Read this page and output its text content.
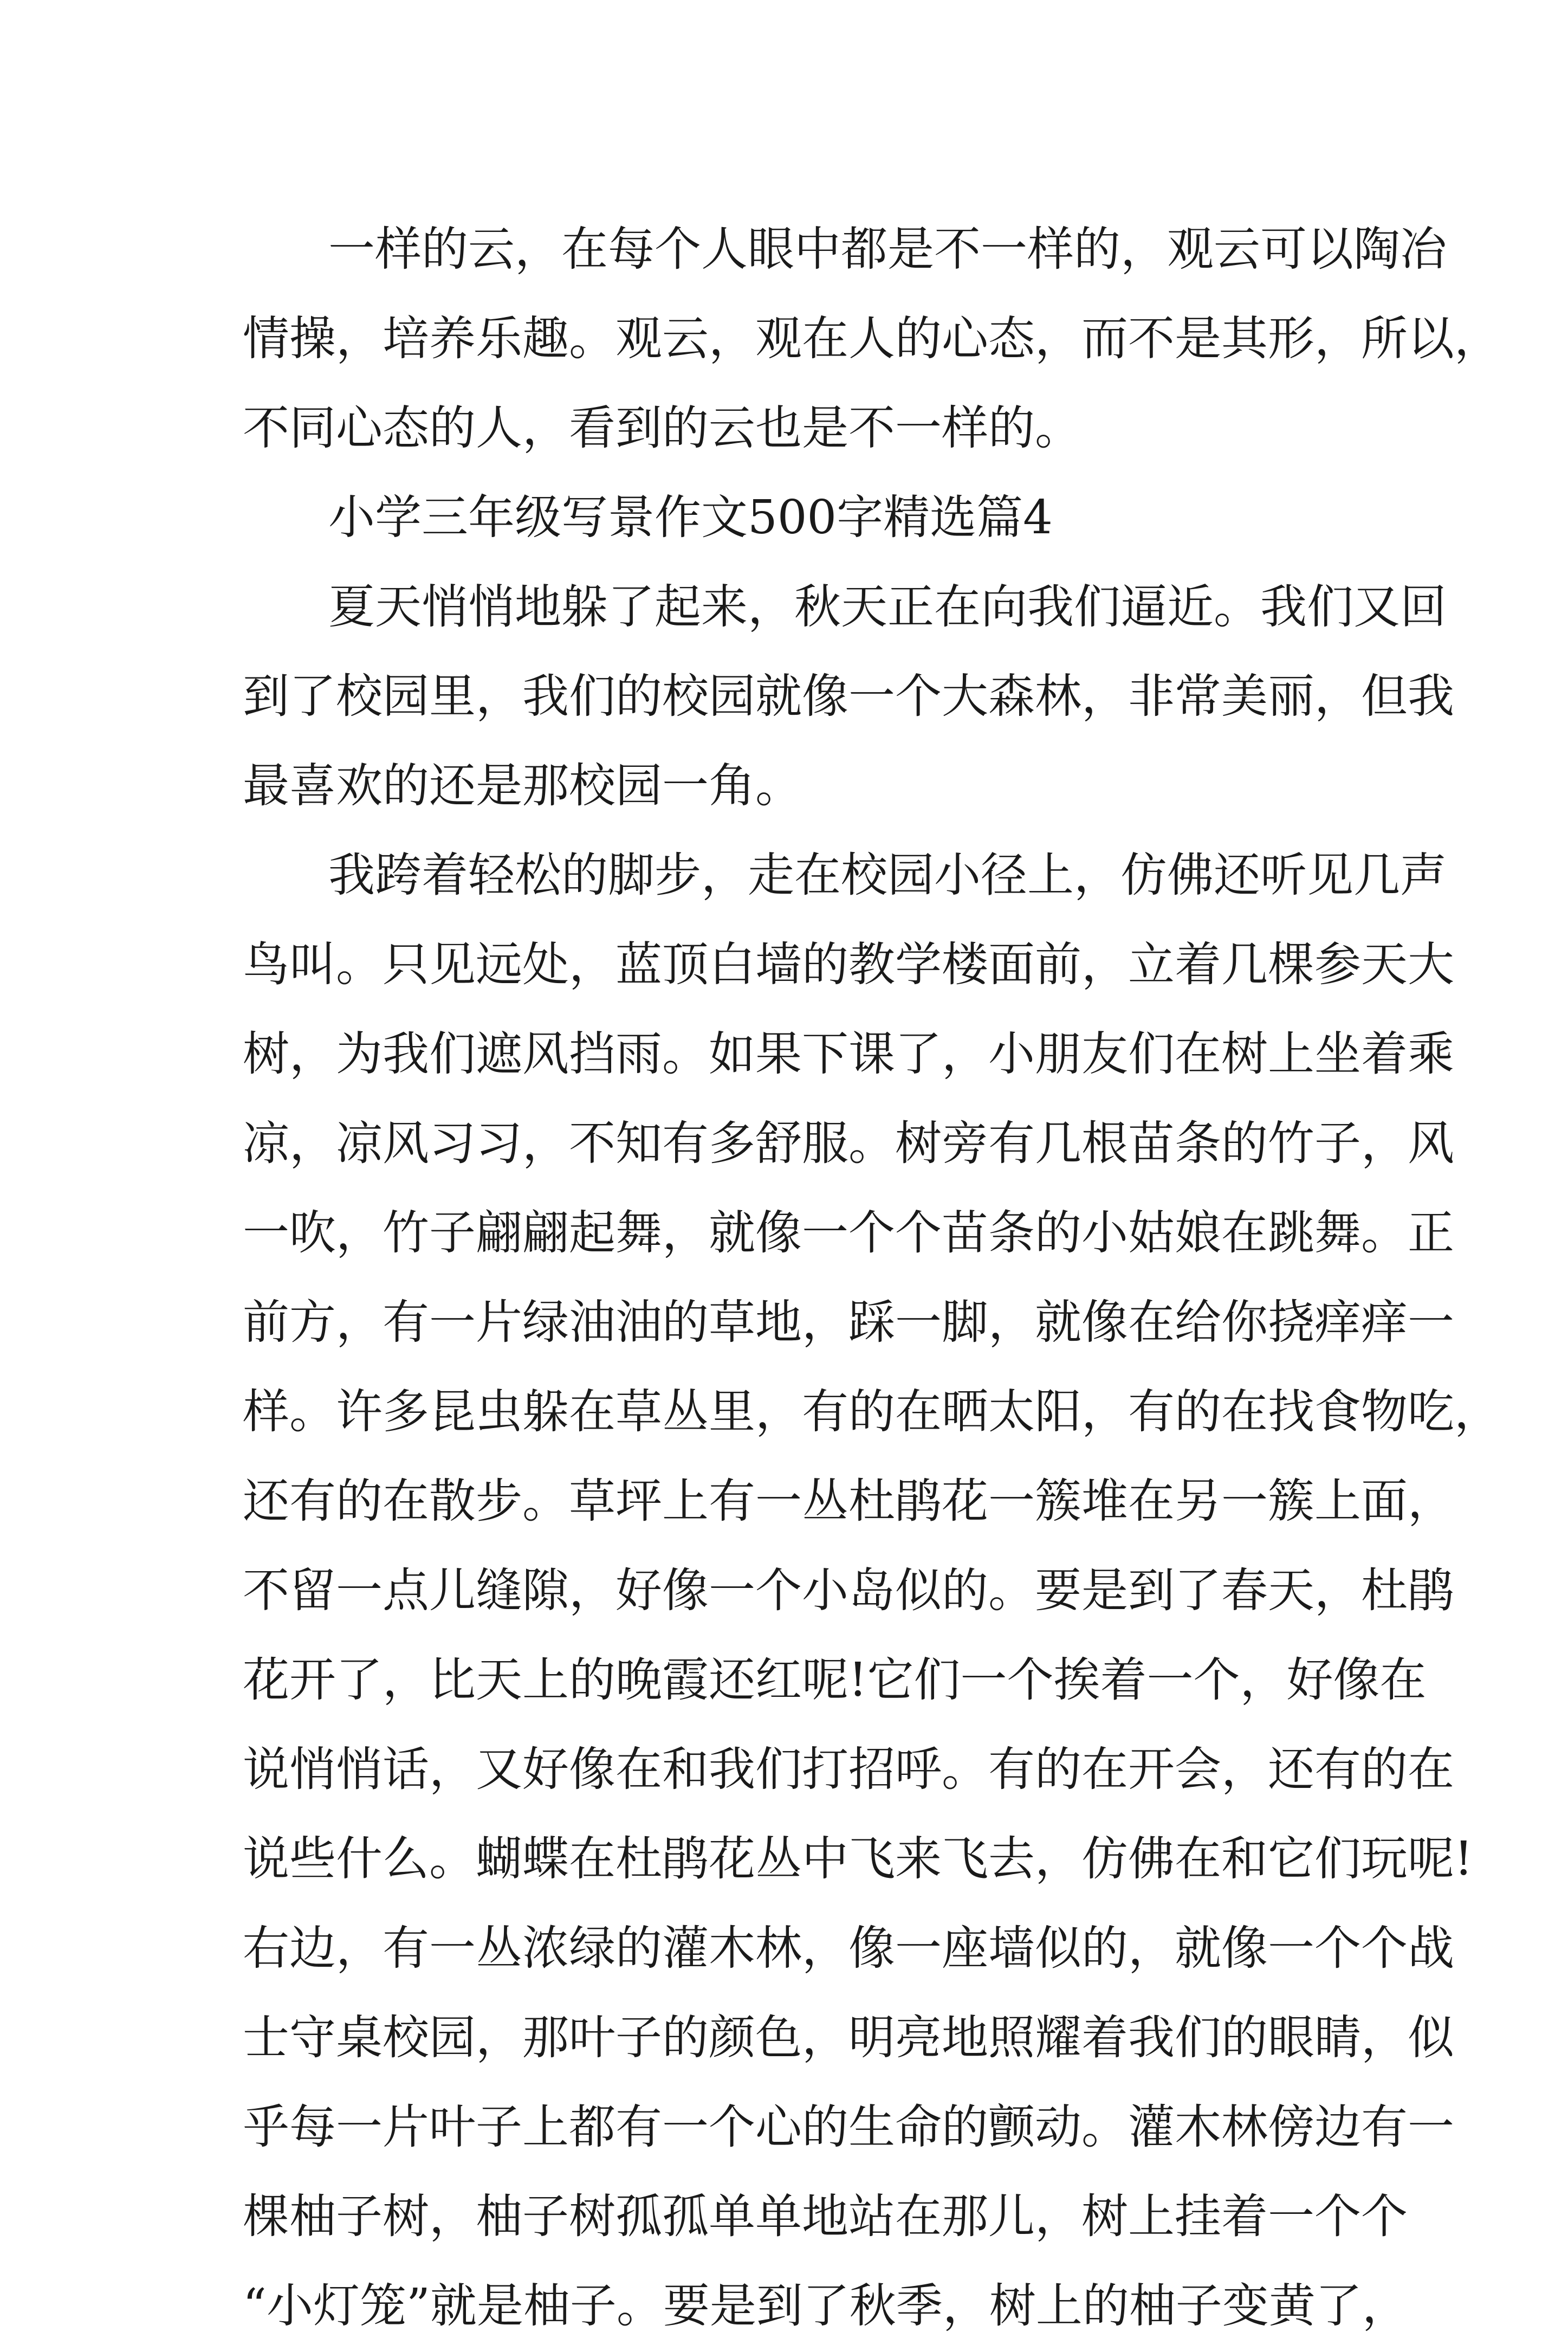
一样的云，在每个人眼中都是不一样的，观云可以陶冶
情操，培养乐趣。观云，观在人的心态，而不是其形，所以，
不同心态的人，看到的云也是不一样的。
小学三年级写景作文500字精选篇4
夏天悄悄地躲了起来，秋天正在向我们逼近。我们又回
到了校园里，我们的校园就像一个大森林，非常美丽，但我
最喜欢的还是那校园一角。
我跨着轻松的脚步，走在校园小径上，仿佛还听见几声
鸟叫。只见远处，蓝顶白墙的教学楼面前，立着几棵参天大
树，为我们遮风挡雨。如果下课了，小朋友们在树上坐着乘
凉，凉风习习，不知有多舒服。树旁有几根苗条的竹子，风
一吹，竹子翩翩起舞，就像一个个苗条的小姑娘在跳舞。正
前方，有一片绿油油的草地，踩一脚，就像在给你挠痒痒一
样。许多昆虫躲在草丛里，有的在晒太阳，有的在找食物吃，
还有的在散步。草坪上有一丛杜鹃花一簇堆在另一簇上面，
不留一点儿缝隙，好像一个小岛似的。要是到了春天，杜鹃
花开了，比天上的晚霞还红呢!它们一个挨着一个，好像在
说悄悄话，又好像在和我们打招呼。有的在开会，还有的在
说些什么。蝴蝶在杜鹃花丛中飞来飞去，仿佛在和它们玩呢!
右边，有一丛浓绿的灌木林，像一座墙似的，就像一个个战
士守桌校园，那叶子的颜色，明亮地照耀着我们的眼睛，似
乎每一片叶子上都有一个心的生命的颤动。灌木林傍边有一
棵柚子树，柚子树孤孤单单地站在那儿，树上挂着一个个
“小灯笼”就是柚子。要是到了秋季，树上的柚子变黄了，
